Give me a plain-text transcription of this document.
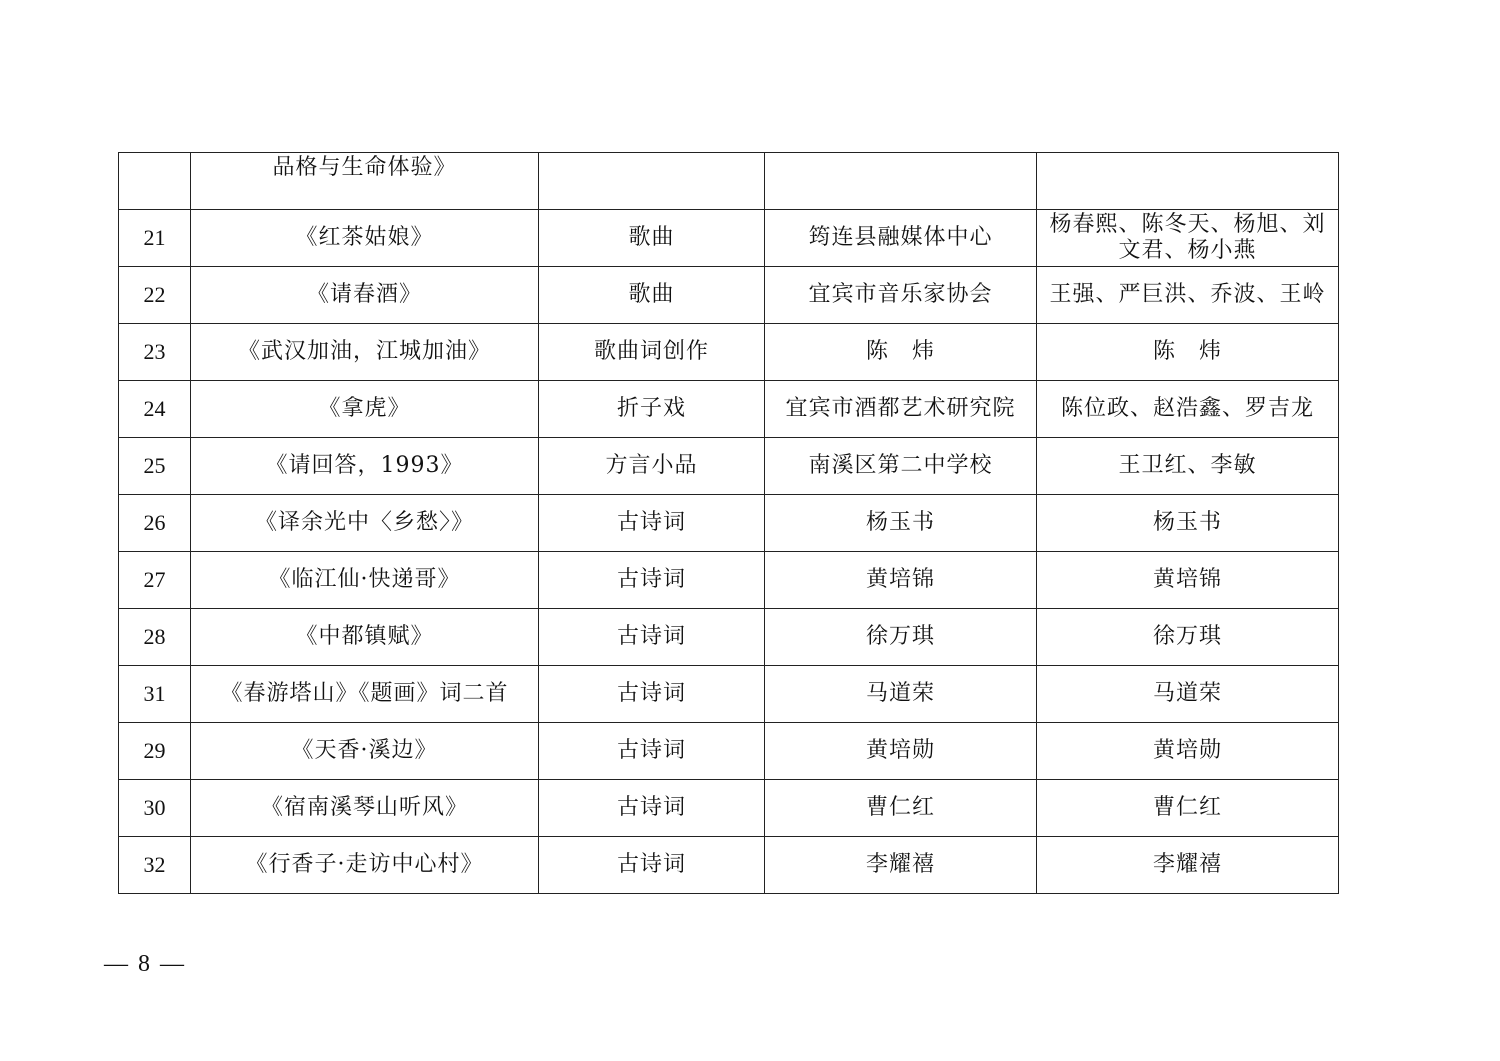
	品格与生命体验》			
21	《红茶姑娘》	歌曲	筠连县融媒体中心	杨春熙、陈冬天、杨旭、刘文君、杨小燕
22	《请春酒》	歌曲	宜宾市音乐家协会	王强、严巨洪、乔波、王岭
23	《武汉加油，江城加油》	歌曲词创作	陈　炜	陈　炜
24	《拿虎》	折子戏	宜宾市酒都艺术研究院	陈位政、赵浩鑫、罗吉龙
25	《请回答，1993》	方言小品	南溪区第二中学校	王卫红、李敏
26	《译余光中〈乡愁〉》	古诗词	杨玉书	杨玉书
27	《临江仙·快递哥》	古诗词	黄培锦	黄培锦
28	《中都镇赋》	古诗词	徐万琪	徐万琪
31	《春游塔山》《题画》词二首	古诗词	马道荣	马道荣
29	《天香·溪边》	古诗词	黄培勋	黄培勋
30	《宿南溪琴山听风》	古诗词	曹仁红	曹仁红
32	《行香子·走访中心村》	古诗词	李耀禧	李耀禧
— 8 —
